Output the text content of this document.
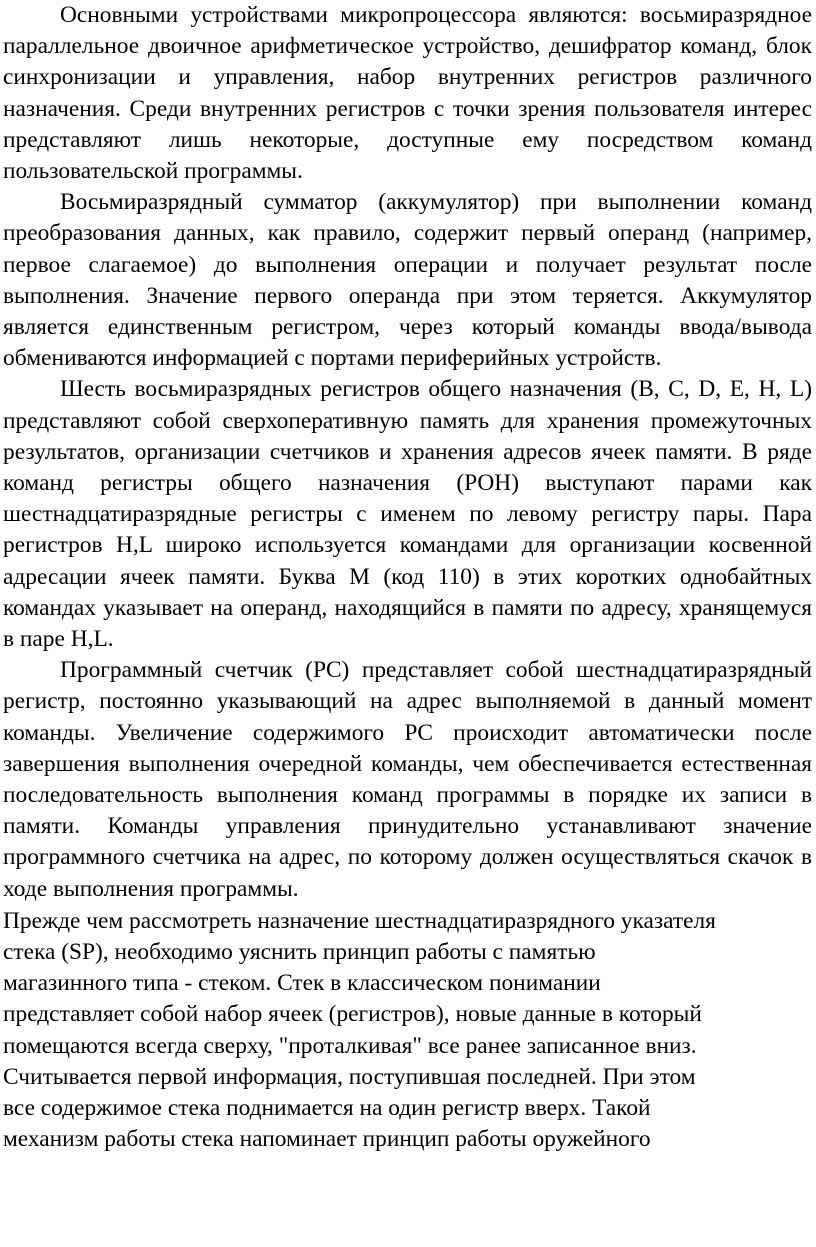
Основными устройствами микропроцессора являются: восьмиразрядное параллельное двоичное арифметическое устройство, дешифратор команд, блок синхронизации и управления, набор внутренних регистров различного назначения. Среди внутренних регистров с точки зрения пользователя интерес представляют лишь некоторые, доступные ему посредством команд пользовательской программы.

Восьмиразрядный сумматор (аккумулятор) при выполнении команд преобразования данных, как правило, содержит первый операнд (например, первое слагаемое) до выполнения операции и получает результат после выполнения. Значение первого операнда при этом теряется. Аккумулятор является единственным регистром, через который команды ввода/вывода обмениваются информацией с портами периферийных устройств.

Шесть восьмиразрядных регистров общего назначения (B, C, D, E, H, L) представляют собой сверхоперативную память для хранения промежуточных результатов, организации счетчиков и хранения адресов ячеек памяти. В ряде команд регистры общего назначения (РОН) выступают парами как шестнадцатиразрядные регистры с именем по левому регистру пары. Пара регистров H,L широко используется командами для организации косвенной адресации ячеек памяти. Буква M (код 110) в этих коротких однобайтных командах указывает на операнд, находящийся в памяти по адресу, хранящемуся в паре H,L.

Программный счетчик (PC) представляет собой шестнадцатиразрядный регистр, постоянно указывающий на адрес выполняемой в данный момент команды. Увеличение содержимого PC происходит автоматически после завершения выполнения очередной команды, чем обеспечивается естественная последовательность выполнения команд программы в порядке их записи в памяти. Команды управления принудительно устанавливают значение программного счетчика на адрес, по которому должен осуществляться скачок в ходе выполнения программы.

Прежде чем рассмотреть назначение шестнадцатиразрядного указателя
стека (SP), необходимо уяснить принцип работы с памятью
магазинного типа - стеком. Стек в классическом понимании
представляет собой набор ячеек (регистров), новые данные в который
помещаются всегда сверху, "проталкивая" все ранее записанное вниз.
Считывается первой информация, поступившая последней. При этом
все содержимое стека поднимается на один регистр вверх. Такой
механизм работы стека напоминает принцип работы оружейного
